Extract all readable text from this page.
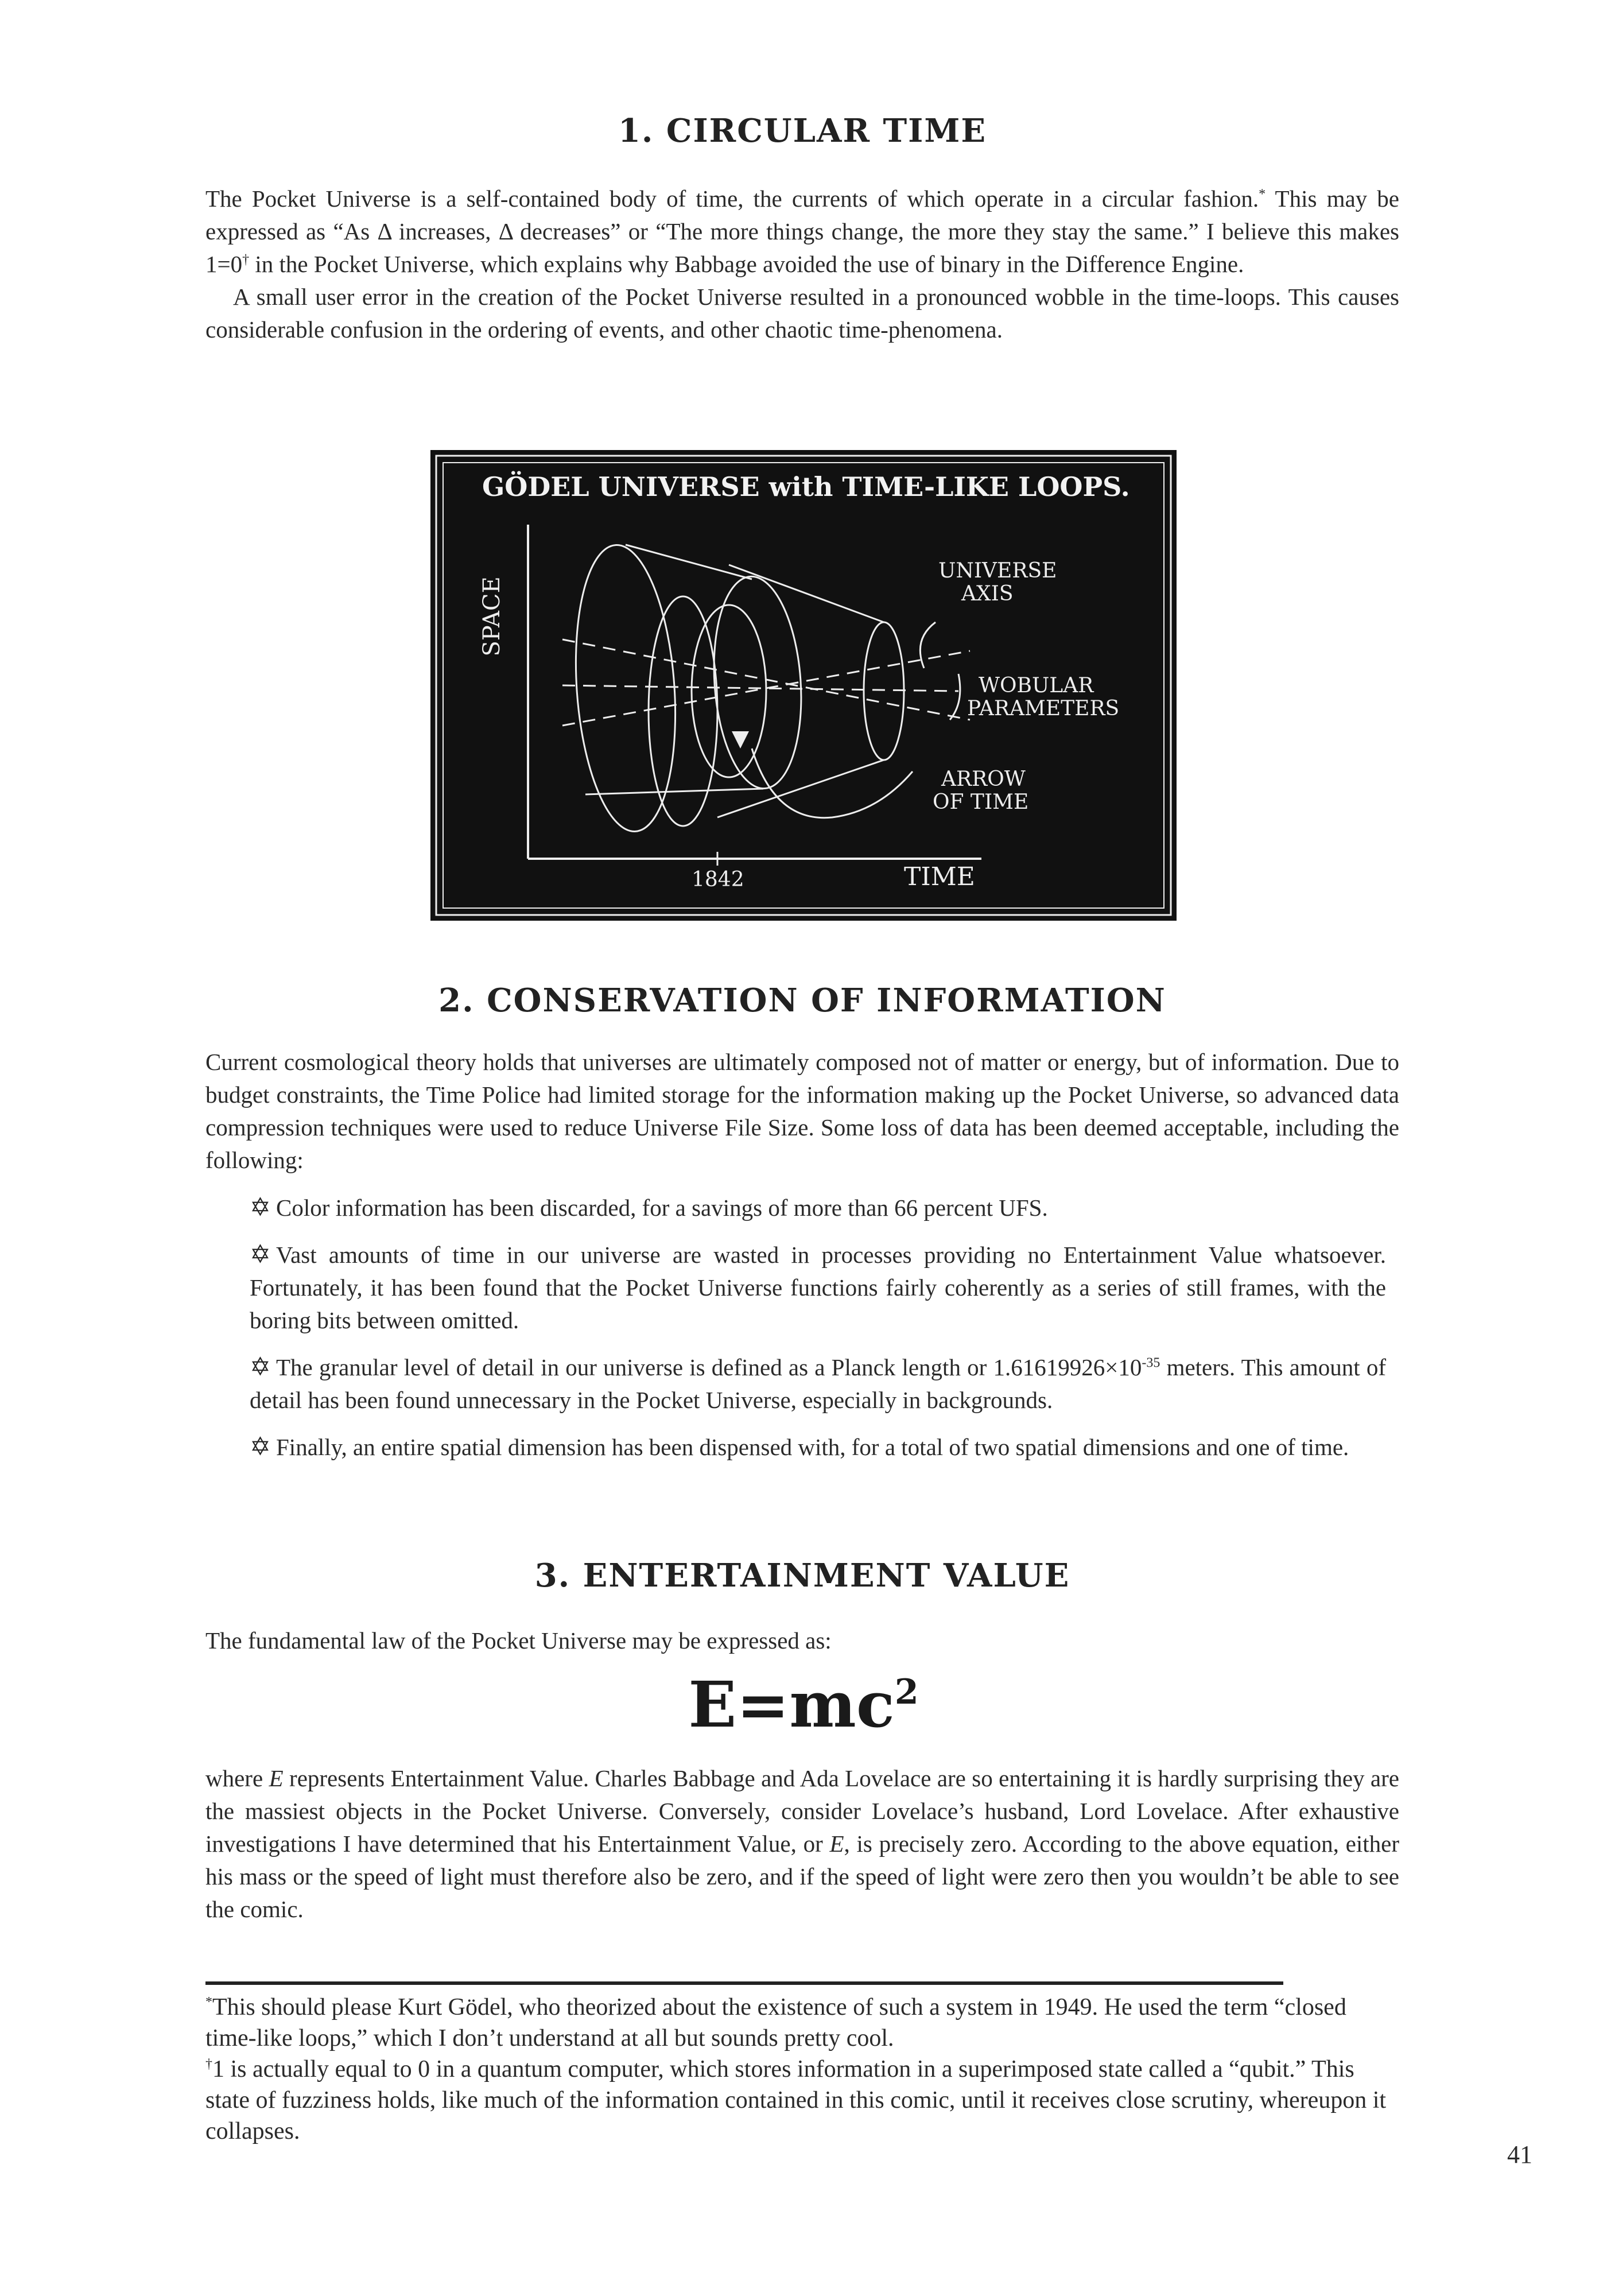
1. CIRCULAR TIME

The Pocket Universe is a self-contained body of time, the currents of which operate in a circular fashion.* This may be expressed as “As Δ increases, Δ decreases” or “The more things change, the more they stay the same.” I believe this makes 1=0† in the Pocket Universe, which explains why Babbage avoided the use of binary in the Difference Engine.

A small user error in the creation of the Pocket Universe resulted in a pronounced wobble in the time-loops. This causes considerable confusion in the ordering of events, and other chaotic time-phenomena.

GÖDEL UNIVERSE with TIME-LIKE LOOPS.
SPACE
1842	TIME
UNIVERSE
AXIS
WOBULAR
PARAMETERS
ARROW
OF TIME
2. CONSERVATION OF INFORMATION
Current cosmological theory holds that universes are ultimately composed not of matter or energy, but of information. Due to budget constraints, the Time Police had limited storage for the information making up the Pocket Universe, so advanced data compression techniques were used to reduce Universe File Size. Some loss of data has been deemed acceptable, including the following:
✡ Color information has been discarded, for a savings of more than 66 percent UFS.
✡ Vast amounts of time in our universe are wasted in processes providing no Entertainment Value whatsoever. Fortunately, it has been found that the Pocket Universe functions fairly coherently as a series of still frames, with the boring bits between omitted.
✡ The granular level of detail in our universe is defined as a Planck length or $1.61619926\times 10^{-35}$ meters. This amount of detail has been found unnecessary in the Pocket Universe, especially in backgrounds.
✡ Finally, an entire spatial dimension has been dispensed with, for a total of two spatial dimensions and one of time.
3. ENTERTAINMENT VALUE
The fundamental law of the Pocket Universe may be expressed as:
$E=mc^2$

where E represents Entertainment Value. Charles Babbage and Ada Lovelace are so entertaining it is hardly surprising they are the massiest objects in the Pocket Universe. Conversely, consider Lovelace’s husband, Lord Lovelace. After exhaustive investigations I have determined that his Entertainment Value, or E, is precisely zero. According to the above equation, either his mass or the speed of light must therefore also be zero, and if the speed of light were zero then you wouldn’t be able to see the comic.

*This should please Kurt Gödel, who theorized about the existence of such a system in 1949. He used the term “closed time-like loops,” which I don’t understand at all but sounds pretty cool.

†1 is actually equal to 0 in a quantum computer, which stores information in a superimposed state called a “qubit.” This state of fuzziness holds, like much of the information contained in this comic, until it receives close scrutiny, whereupon it collapses.

41
